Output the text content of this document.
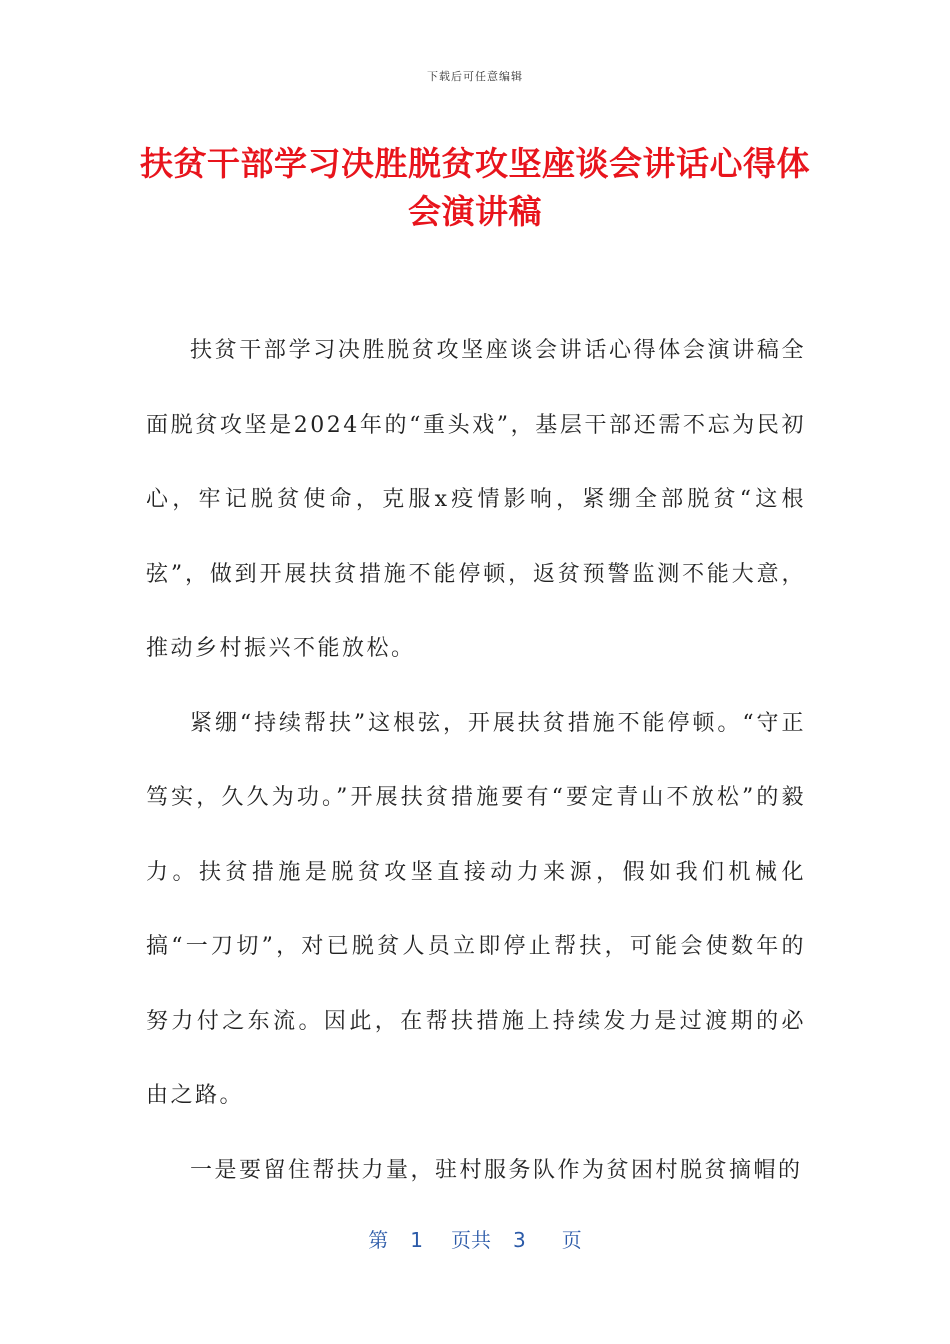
下载后可任意编辑
扶贫干部学习决胜脱贫攻坚座谈会讲话心得体会演讲稿

扶贫干部学习决胜脱贫攻坚座谈会讲话心得体会演讲稿全面脱贫攻坚是2024年的“重头戏”，基层干部还需不忘为民初心，牢记脱贫使命，克服x疫情影响，紧绷全部脱贫“这根弦”，做到开展扶贫措施不能停顿，返贫预警监测不能大意，推动乡村振兴不能放松。

紧绷“持续帮扶”这根弦，开展扶贫措施不能停顿。“守正笃实，久久为功。”开展扶贫措施要有“要定青山不放松”的毅力。扶贫措施是脱贫攻坚直接动力来源，假如我们机械化搞“一刀切”，对已脱贫人员立即停止帮扶，可能会使数年的努力付之东流。因此，在帮扶措施上持续发力是过渡期的必由之路。

一是要留住帮扶力量，驻村服务队作为贫困村脱贫摘帽的

第 1 页共 3 页
